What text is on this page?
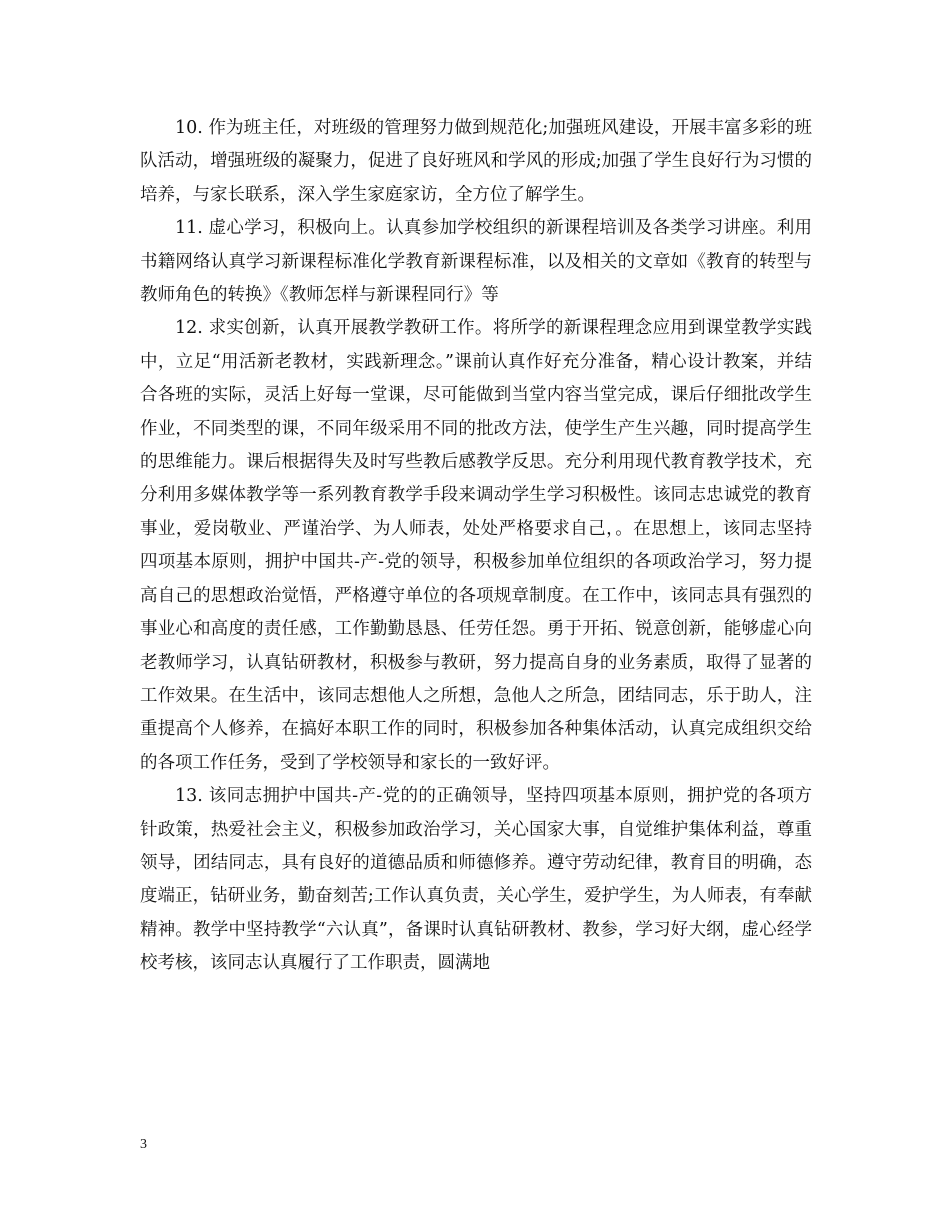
10. 作为班主任，对班级的管理努力做到规范化;加强班风建设，开展丰富多彩的班队活动，增强班级的凝聚力，促进了良好班风和学风的形成;加强了学生良好行为习惯的培养，与家长联系，深入学生家庭家访，全方位了解学生。

11. 虚心学习，积极向上。认真参加学校组织的新课程培训及各类学习讲座。利用书籍网络认真学习新课程标准化学教育新课程标准，以及相关的文章如《教育的转型与教师角色的转换》《教师怎样与新课程同行》等

12. 求实创新，认真开展教学教研工作。将所学的新课程理念应用到课堂教学实践中，立足“用活新老教材，实践新理念。”课前认真作好充分准备，精心设计教案，并结合各班的实际，灵活上好每一堂课，尽可能做到当堂内容当堂完成，课后仔细批改学生作业，不同类型的课，不同年级采用不同的批改方法，使学生产生兴趣，同时提高学生的思维能力。课后根据得失及时写些教后感教学反思。充分利用现代教育教学技术，充分利用多媒体教学等一系列教育教学手段来调动学生学习积极性。该同志忠诚党的教育事业，爱岗敬业、严谨治学、为人师表，处处严格要求自己，。在思想上，该同志坚持四项基本原则，拥护中国共-产-党的领导，积极参加单位组织的各项政治学习，努力提高自己的思想政治觉悟，严格遵守单位的各项规章制度。在工作中，该同志具有强烈的事业心和高度的责任感，工作勤勤恳恳、任劳任怨。勇于开拓、锐意创新，能够虚心向老教师学习，认真钻研教材，积极参与教研，努力提高自身的业务素质，取得了显著的工作效果。在生活中，该同志想他人之所想，急他人之所急，团结同志，乐于助人，注重提高个人修养，在搞好本职工作的同时，积极参加各种集体活动，认真完成组织交给的各项工作任务，受到了学校领导和家长的一致好评。

13. 该同志拥护中国共-产-党的的正确领导，坚持四项基本原则，拥护党的各项方针政策，热爱社会主义，积极参加政治学习，关心国家大事，自觉维护集体利益，尊重领导，团结同志，具有良好的道德品质和师德修养。遵守劳动纪律，教育目的明确，态度端正，钻研业务，勤奋刻苦;工作认真负责，关心学生，爱护学生，为人师表，有奉献精神。教学中坚持教学“六认真”，备课时认真钻研教材、教参，学习好大纲，虚心经学校考核，该同志认真履行了工作职责，圆满地

3
